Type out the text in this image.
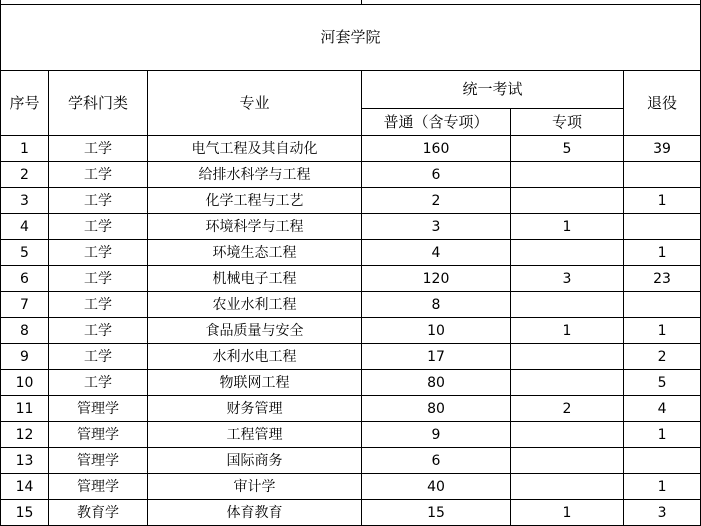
河套学院					
序号	学科门类	专业	统一考试		退役
			普通（含专项）	专项	
1	工学	电气工程及其自动化	160	5	39
2	工学	给排水科学与工程	6		
3	工学	化学工程与工艺	2		1
4	工学	环境科学与工程	3	1	
5	工学	环境生态工程	4		1
6	工学	机械电子工程	120	3	23
7	工学	农业水利工程	8		
8	工学	食品质量与安全	10	1	1
9	工学	水利水电工程	17		2
10	工学	物联网工程	80		5
11	管理学	财务管理	80	2	4
12	管理学	工程管理	9		1
13	管理学	国际商务	6		
14	管理学	审计学	40		1
15	教育学	体育教育	15	1	3
